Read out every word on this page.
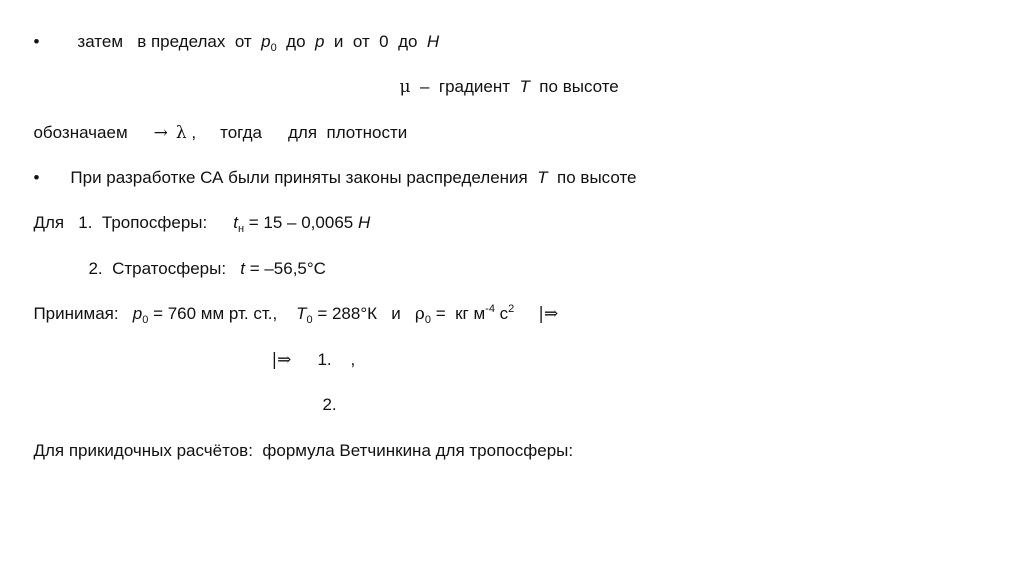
• затем   в пределах  от  $p_0$  до  p  и  от  0  до  H

μ  –  градиент  T  по высоте

обозначаем → λ , тогда для  плотности

• При разработке СА были приняты законы распределения  T  по высоте

Для   1.  Тропосферы: $t_н = 15 - 0,0065$ H

2.  Стратосферы:   t = –56,5°С

Принимая:   $p_0 = 760$ мм рт. ст.,    $T_0 = 288^\circ К$   и   $\rho_0$ =  кг $м^{-4}$ $с^2$ |⇒

|⇒ 1.    ,

2.

Для прикидочных расчётов:  формула Ветчинкина для тропосферы:
